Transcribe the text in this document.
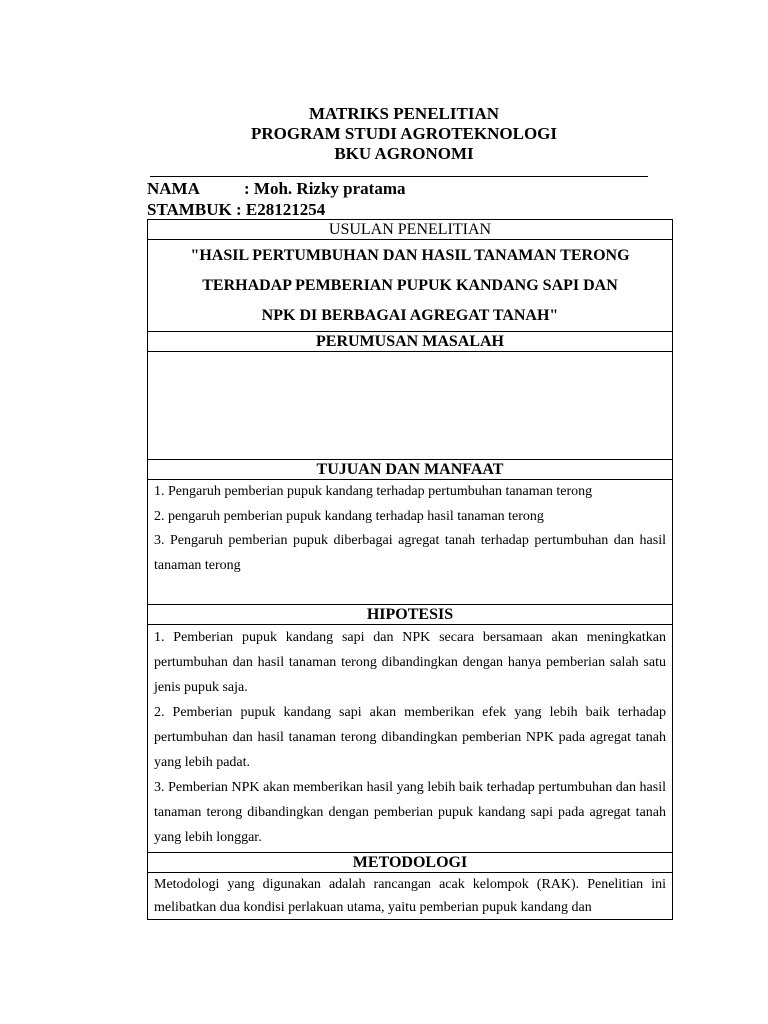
MATRIKS PENELITIAN
PROGRAM STUDI AGROTEKNOLOGI
BKU AGRONOMI
NAMA	: Moh. Rizky pratama
STAMBUK : E28121254
USULAN PENELITIAN
"HASIL PERTUMBUHAN DAN HASIL TANAMAN TERONG
TERHADAP PEMBERIAN PUPUK KANDANG SAPI DAN
NPK DI BERBAGAI AGREGAT TANAH"
PERUMUSAN MASALAH
TUJUAN DAN MANFAAT

1. Pengaruh pemberian pupuk kandang terhadap pertumbuhan tanaman terong

2. pengaruh pemberian pupuk kandang terhadap hasil tanaman terong

3. Pengaruh pemberian pupuk diberbagai agregat tanah terhadap pertumbuhan dan hasil tanaman terong

HIPOTESIS

1. Pemberian pupuk kandang sapi dan NPK secara bersamaan akan meningkatkan pertumbuhan dan hasil tanaman terong dibandingkan dengan hanya pemberian salah satu jenis pupuk saja.

2. Pemberian pupuk kandang sapi akan memberikan efek yang lebih baik terhadap pertumbuhan dan hasil tanaman terong dibandingkan pemberian NPK pada agregat tanah yang lebih padat.

3. Pemberian NPK akan memberikan hasil yang lebih baik terhadap pertumbuhan dan hasil tanaman terong dibandingkan dengan pemberian pupuk kandang sapi pada agregat tanah yang lebih longgar.

METODOLOGI

Metodologi yang digunakan adalah rancangan acak kelompok (RAK). Penelitian ini melibatkan dua kondisi perlakuan utama, yaitu pemberian pupuk kandang dan
